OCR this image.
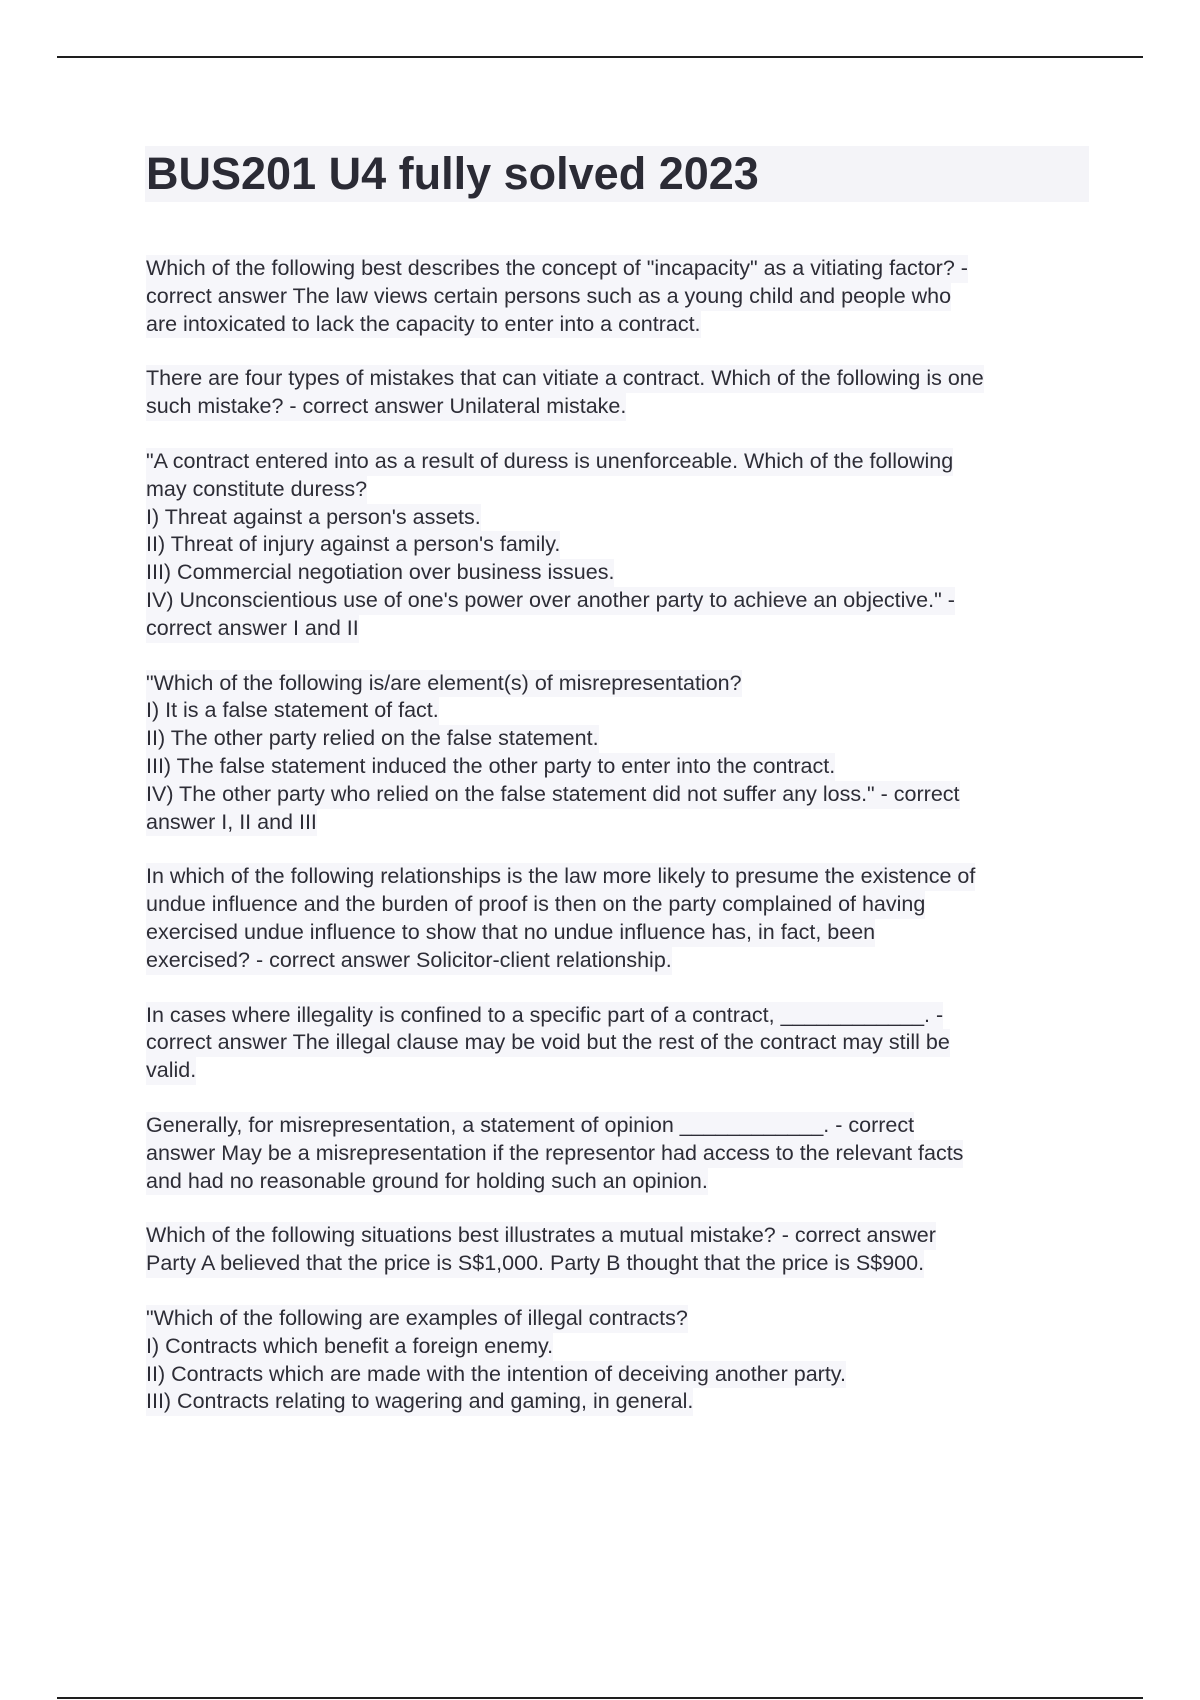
BUS201 U4 fully solved 2023
Which of the following best describes the concept of "incapacity" as a vitiating factor? -
correct answer The law views certain persons such as a young child and people who
are intoxicated to lack the capacity to enter into a contract.
There are four types of mistakes that can vitiate a contract. Which of the following is one
such mistake? - correct answer Unilateral mistake.
"A contract entered into as a result of duress is unenforceable. Which of the following
may constitute duress?
I) Threat against a person's assets.
II) Threat of injury against a person's family.
III) Commercial negotiation over business issues.
IV) Unconscientious use of one's power over another party to achieve an objective." -
correct answer I and II
"Which of the following is/are element(s) of misrepresentation?
I) It is a false statement of fact.
II) The other party relied on the false statement.
III) The false statement induced the other party to enter into the contract.
IV) The other party who relied on the false statement did not suffer any loss." - correct
answer I, II and III
In which of the following relationships is the law more likely to presume the existence of
undue influence and the burden of proof is then on the party complained of having
exercised undue influence to show that no undue influence has, in fact, been
exercised? - correct answer Solicitor-client relationship.
In cases where illegality is confined to a specific part of a contract, ____________. -
correct answer The illegal clause may be void but the rest of the contract may still be
valid.
Generally, for misrepresentation, a statement of opinion ____________. - correct
answer May be a misrepresentation if the representor had access to the relevant facts
and had no reasonable ground for holding such an opinion.
Which of the following situations best illustrates a mutual mistake? - correct answer
Party A believed that the price is S$1,000. Party B thought that the price is S$900.
"Which of the following are examples of illegal contracts?
I) Contracts which benefit a foreign enemy.
II) Contracts which are made with the intention of deceiving another party.
III) Contracts relating to wagering and gaming, in general.
